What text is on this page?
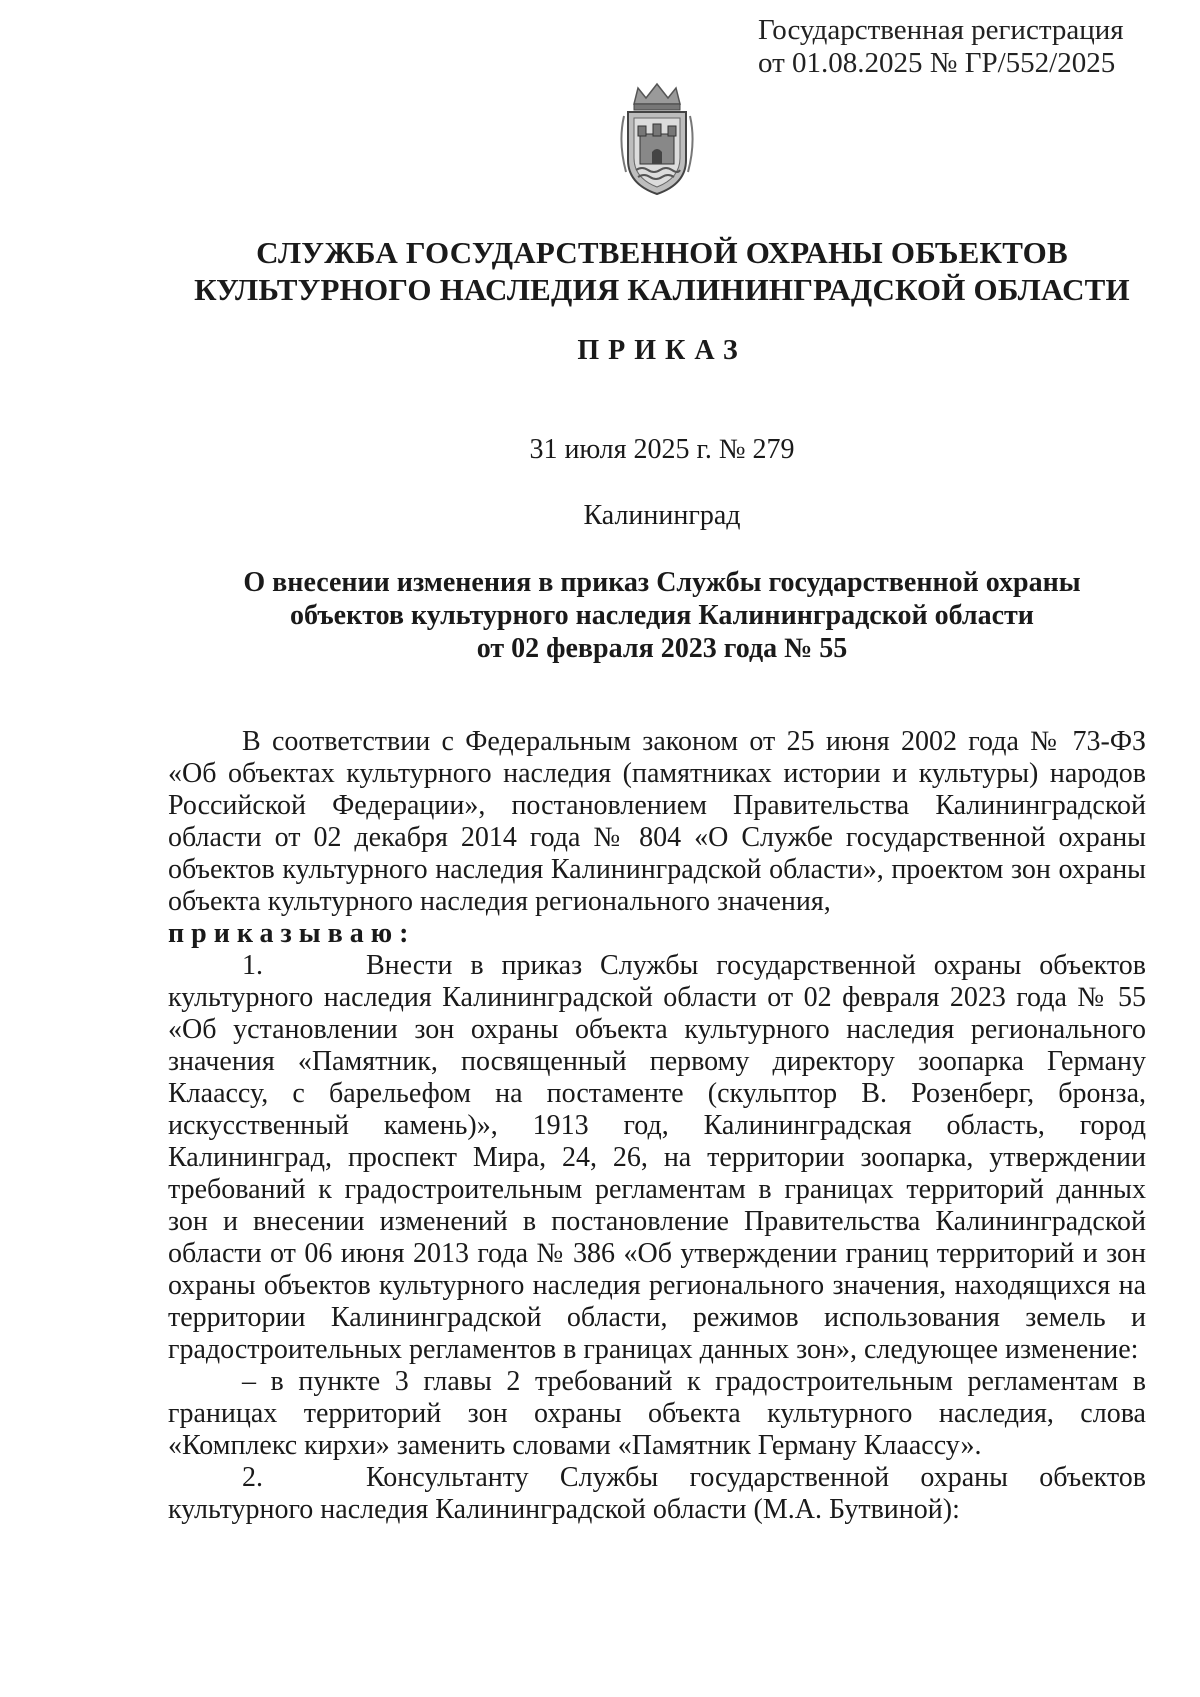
Государственная регистрация
от 01.08.2025 № ГР/552/2025
СЛУЖБА ГОСУДАРСТВЕННОЙ ОХРАНЫ ОБЪЕКТОВ
КУЛЬТУРНОГО НАСЛЕДИЯ КАЛИНИНГРАДСКОЙ ОБЛАСТИ
ПРИКАЗ
31 июля 2025 г. № 279
Калининград
О внесении изменения в приказ Службы государственной охраны
объектов культурного наследия Калининградской области
от 02 февраля 2023 года № 55

В соответствии с Федеральным законом от 25 июня 2002 года № 73-ФЗ «Об объектах культурного наследия (памятниках истории и культуры) народов Российской Федерации», постановлением Правительства Калининградской области от 02 декабря 2014 года № 804 «О Службе государственной охраны объектов культурного наследия Калининградской области», проектом зон охраны объекта культурного наследия регионального значения,

приказываю:

1.	Внести в приказ Службы государственной охраны объектов культурного наследия Калининградской области от 02 февраля 2023 года № 55 «Об установлении зон охраны объекта культурного наследия регионального значения «Памятник, посвященный первому директору зоопарка Герману Клаассу, с барельефом на постаменте (скульптор В. Розенберг, бронза, искусственный камень)», 1913 год, Калининградская область, город Калининград, проспект Мира, 24, 26, на территории зоопарка, утверждении требований к градостроительным регламентам в границах территорий данных зон и внесении изменений в постановление Правительства Калининградской области от 06 июня 2013 года № 386 «Об утверждении границ территорий и зон охраны объектов культурного наследия регионального значения, находящихся на территории Калининградской области, режимов использования земель и градостроительных регламентов в границах данных зон», следующее изменение:

– в пункте 3 главы 2 требований к градостроительным регламентам в границах территорий зон охраны объекта культурного наследия, слова «Комплекс кирхи» заменить словами «Памятник Герману Клаассу».

2.	Консультанту Службы государственной охраны объектов культурного наследия Калининградской области (М.А. Бутвиной):
